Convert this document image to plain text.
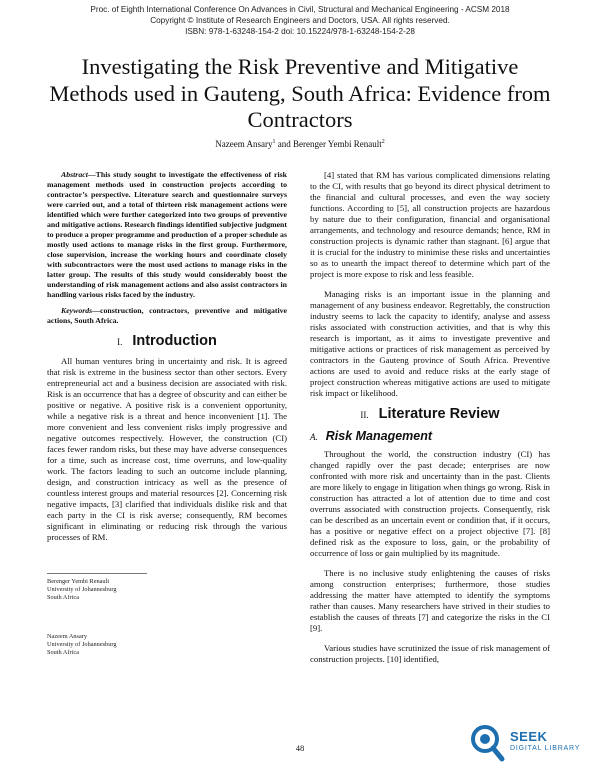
Proc. of Eighth International Conference On Advances in Civil, Structural and Mechanical Engineering - ACSM 2018
Copyright © Institute of Research Engineers and Doctors, USA. All rights reserved.
ISBN: 978-1-63248-154-2 doi: 10.15224/978-1-63248-154-2-28
Investigating the Risk Preventive and Mitigative Methods used in Gauteng, South Africa: Evidence from Contractors
Nazeem Ansary$^1$ and Berenger Yembi Renault$^2$

Abstract—This study sought to investigate the effectiveness of risk management methods used in construction projects according to contractor’s perspective. Literature search and questionnaire surveys were carried out, and a total of thirteen risk management actions were identified which were further categorized into two groups of preventive and mitigative actions. Research findings identified subjective judgment to produce a proper programme and production of a proper schedule as mostly used actions to manage risks in the first group. Furthermore, close supervision, increase the working hours and coordinate closely with subcontractors were the most used actions to manage risks in the latter group. The results of this study would considerably boost the understanding of risk management actions and also assist contractors in handling various risks faced by the industry.

Keywords—construction, contractors, preventive and mitigative actions, South Africa.

I. Introduction

All human ventures bring in uncertainty and risk. It is agreed that risk is extreme in the business sector than other sectors. Every entrepreneurial act and a business decision are associated with risk. Risk is an occurrence that has a degree of obscurity and can either be positive or negative. A positive risk is a convenient opportunity, while a negative risk is a threat and hence inconvenient [1]. The more convenient and less convenient risks imply progressive and negative outcomes respectively. However, the construction (CI) faces fewer random risks, but these may have adverse consequences for a time, such as increase cost, time overruns, and low-quality work. The factors leading to such an outcome include planning, design, and construction intricacy as well as the presence of countless interest groups and material resources [2]. Concerning risk negative impacts, [3] clarified that individuals dislike risk and that each party in the CI is risk averse; consequently, RM becomes significant in eliminating or reducing risk through the various processes of RM.

Berenger Yembi Renault
University of Johannesburg
South Africa
Nazeem Ansary
University of Johannesburg
South Africa

[4] stated that RM has various complicated dimensions relating to the CI, with results that go beyond its direct physical detriment to the financial and cultural processes, and even the way society functions. According to [5], all construction projects are hazardous by nature due to their configuration, financial and organisational arrangements, and technology and resource demands; hence, RM in construction projects is dynamic rather than stagnant. [6] argue that it is crucial for the industry to minimise these risks and uncertainties so as to unearth the impact thereof to determine which part of the project is more expose to risk and less feasible.

Managing risks is an important issue in the planning and management of any business endeavor. Regrettably, the construction industry seems to lack the capacity to identify, analyse and assess risks associated with construction activities, and that is why this research is important, as it aims to investigate preventive and mitigative actions or practices of risk management as perceived by contractors in the Gauteng province of South Africa. Preventive actions are used to avoid and reduce risks at the early stage of project construction whereas mitigative actions are used to mitigate risk impact or likelihood.

II. Literature Review
A. Risk Management

Throughout the world, the construction industry (CI) has changed rapidly over the past decade; enterprises are now confronted with more risk and uncertainty than in the past. Clients are more likely to engage in litigation when things go wrong. Risk in construction has attracted a lot of attention due to time and cost overruns associated with construction projects. Consequently, risk can be described as an uncertain event or condition that, if it occurs, has a positive or negative effect on a project objective [7]. [8] defined risk as the exposure to loss, gain, or the probability of occurrence of loss or gain multiplied by its magnitude.

There is no inclusive study enlightening the causes of risks among construction enterprises; furthermore, those studies addressing the matter have attempted to identify the symptoms rather than causes. Many researchers have strived in their studies to establish the causes of threats [7] and categorize the risks in the CI [9].

Various studies have scrutinized the issue of risk management of construction projects. [10] identified,

48
SEEK
DIGITAL LIBRARY
